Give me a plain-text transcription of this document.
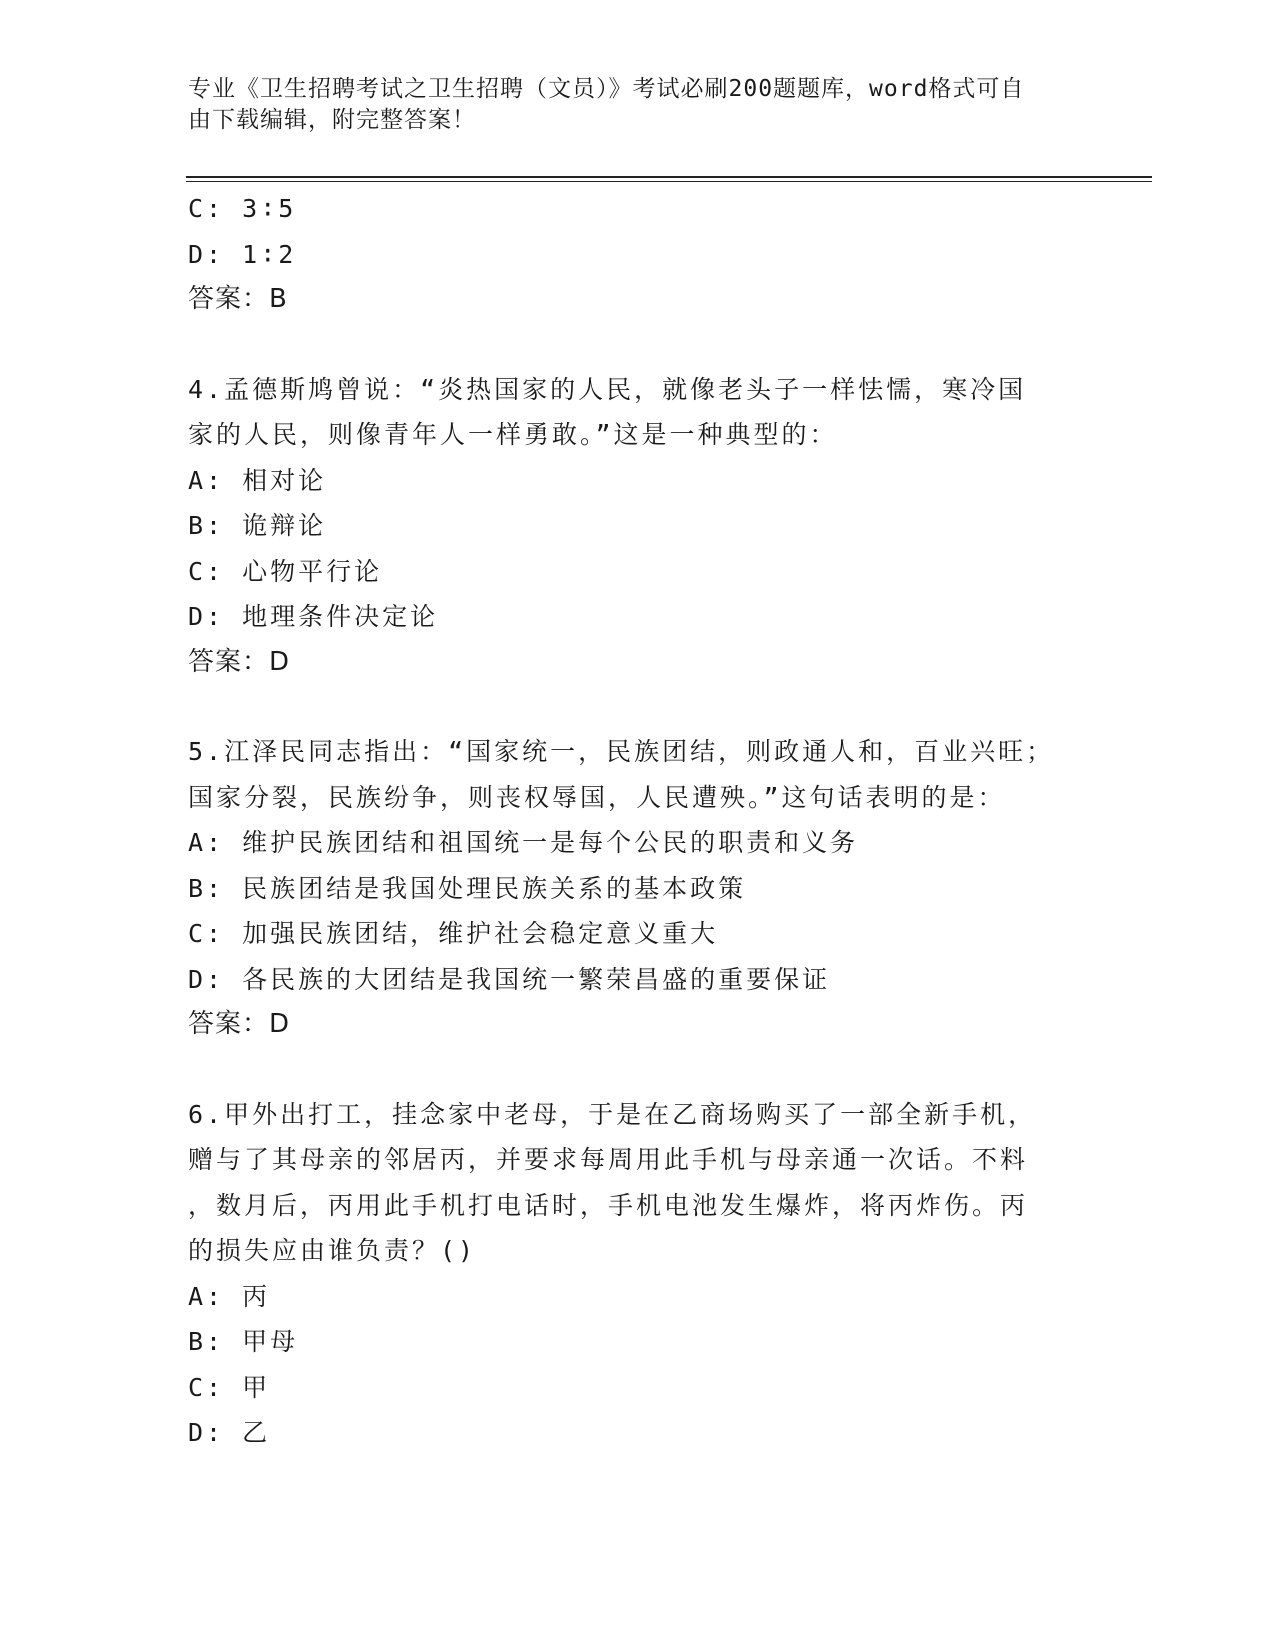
专业《卫生招聘考试之卫生招聘（文员）》考试必刷200题题库，word格式可自
由下载编辑，附完整答案！
C: 3∶5
D: 1∶2
答案：B
4.孟德斯鸠曾说：“炎热国家的人民，就像老头子一样怯懦，寒冷国
家的人民，则像青年人一样勇敢。”这是一种典型的：
A: 相对论
B: 诡辩论
C: 心物平行论
D: 地理条件决定论
答案：D
5.江泽民同志指出：“国家统一，民族团结，则政通人和，百业兴旺；
国家分裂，民族纷争，则丧权辱国，人民遭殃。”这句话表明的是：
A: 维护民族团结和祖国统一是每个公民的职责和义务
B: 民族团结是我国处理民族关系的基本政策
C: 加强民族团结，维护社会稳定意义重大
D: 各民族的大团结是我国统一繁荣昌盛的重要保证
答案：D
6.甲外出打工，挂念家中老母，于是在乙商场购买了一部全新手机，
赠与了其母亲的邻居丙，并要求每周用此手机与母亲通一次话。不料
，数月后，丙用此手机打电话时，手机电池发生爆炸，将丙炸伤。丙
的损失应由谁负责？()
A: 丙
B: 甲母
C: 甲
D: 乙
